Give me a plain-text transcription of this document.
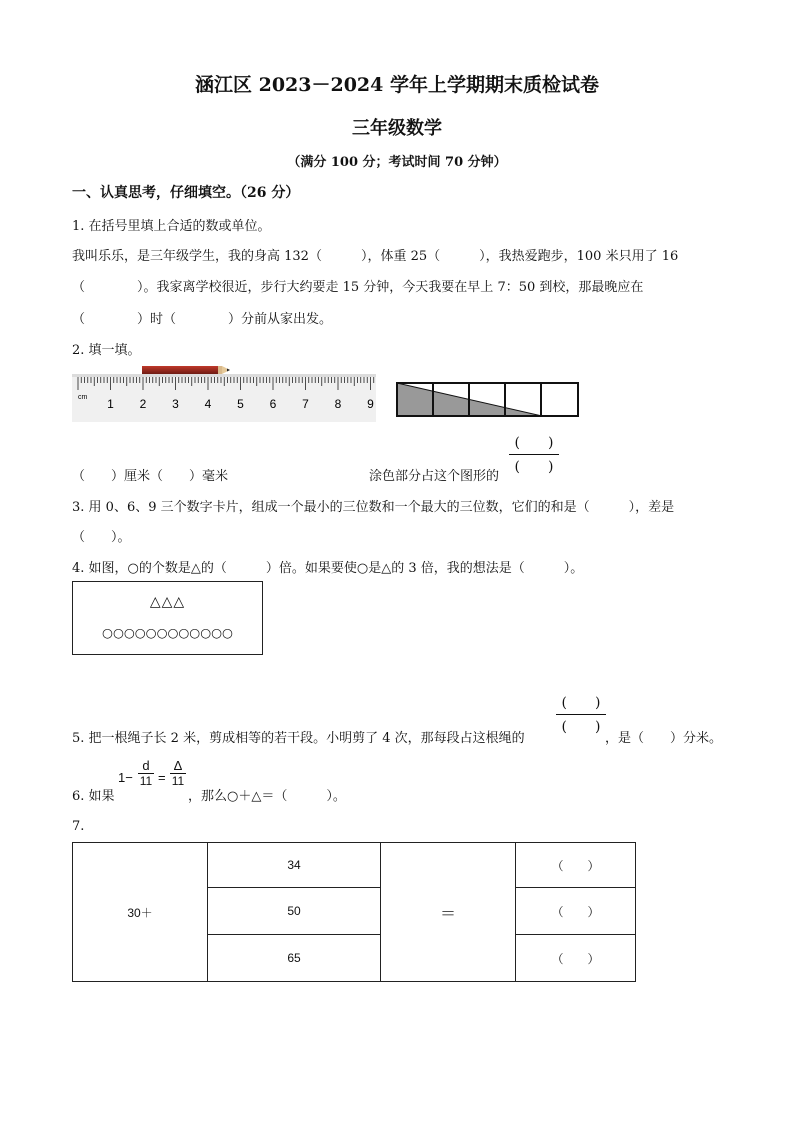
涵江区 2023－2024 学年上学期期末质检试卷
三年级数学
（满分 100 分；考试时间 70 分钟）
一、认真思考，仔细填空。（26 分）
1. 在括号里填上合适的数或单位。
我叫乐乐，是三年级学生，我的身高 132（　　　），体重 25（　　　），我热爱跑步，100 米只用了 16
（　　　　）。我家离学校很近，步行大约要走 15 分钟，今天我要在早上 7：50 到校，那最晚应在
（　　　　）时（　　　　）分前从家出发。
2. 填一填。
cm 1 2 3 4 5 6 7 8 9
（　　）厘米（　　）毫米	涂色部分占这个图形的
(　　)
(　　)
3. 用 0、6、9 三个数字卡片，组成一个最小的三位数和一个最大的三位数，它们的和是（　　　），差是
（　　）。
4. 如图，○的个数是△的（　　　）倍。如果要使○是△的 3 倍，我的想法是（　　　）。
△△△
○○○○○○○○○○○○
(　　)
(　　)
5. 把一根绳子长 2 米，剪成相等的若干段。小明剪了 4 次，那每段占这根绳的	，是（　　）分米。
6. 如果
1−
d
11 =
Δ
11
，那么○＋△＝（　　　）。
7.
30＋	34	＝	（　　）
	50		（　　）
	65		（　　）
